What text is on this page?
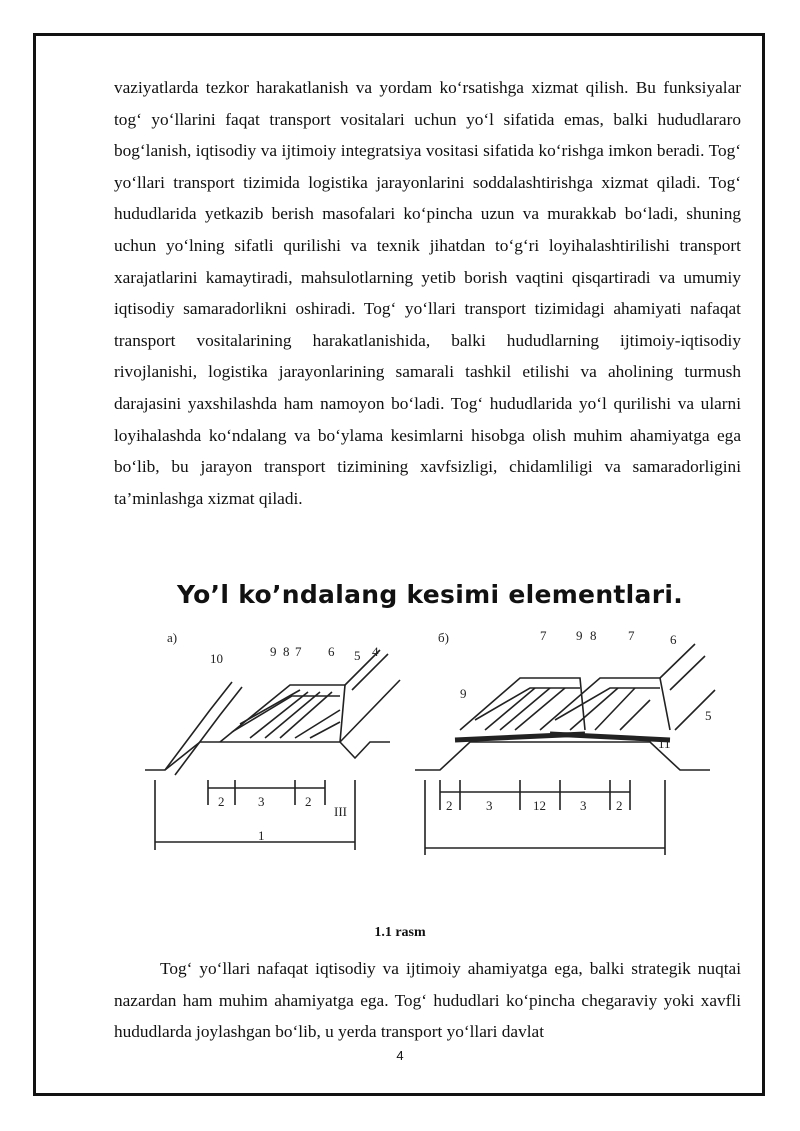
vaziyatlarda tezkor harakatlanish va yordam ko‘rsatishga xizmat qilish. Bu funksiyalar tog‘ yo‘llarini faqat transport vositalari uchun yo‘l sifatida emas, balki hududlararo bog‘lanish, iqtisodiy va ijtimoiy integratsiya vositasi sifatida ko‘rishga imkon beradi. Tog‘ yo‘llari transport tizimida logistika jarayonlarini soddalashtirishga xizmat qiladi. Tog‘ hududlarida yetkazib berish masofalari ko‘pincha uzun va murakkab bo‘ladi, shuning uchun yo‘lning sifatli qurilishi va texnik jihatdan to‘g‘ri loyihalashtirilishi transport xarajatlarini kamaytiradi, mahsulotlarning yetib borish vaqtini qisqartiradi va umumiy iqtisodiy samaradorlikni oshiradi. Tog‘ yo‘llari transport tizimidagi ahamiyati nafaqat transport vositalarining harakatlanishida, balki hududlarning ijtimoiy-iqtisodiy rivojlanishi, logistika jarayonlarining samarali tashkil etilishi va aholining turmush darajasini yaxshilashda ham namoyon bo‘ladi. Tog‘ hududlarida yo‘l qurilishi va ularni loyihalashda ko‘ndalang va bo‘ylama kesimlarni hisobga olish muhim ahamiyatga ega bo‘lib, bu jarayon transport tizimining xavfsizligi, chidamliligi va samaradorligini ta’minlashga xizmat qiladi.

Yo’l ko’ndalang kesimi elementlari.
a)
10	9 8 7 6 5 4
2	3	2
1
III
б)	7 9 8 7	6
9
5
11
2	3	12	3 2
1.1 rasm

Tog‘ yo‘llari nafaqat iqtisodiy va ijtimoiy ahamiyatga ega, balki strategik nuqtai nazardan ham muhim ahamiyatga ega. Tog‘ hududlari ko‘pincha chegaraviy yoki xavfli hududlarda joylashgan bo‘lib, u yerda transport yo‘llari davlat

4
